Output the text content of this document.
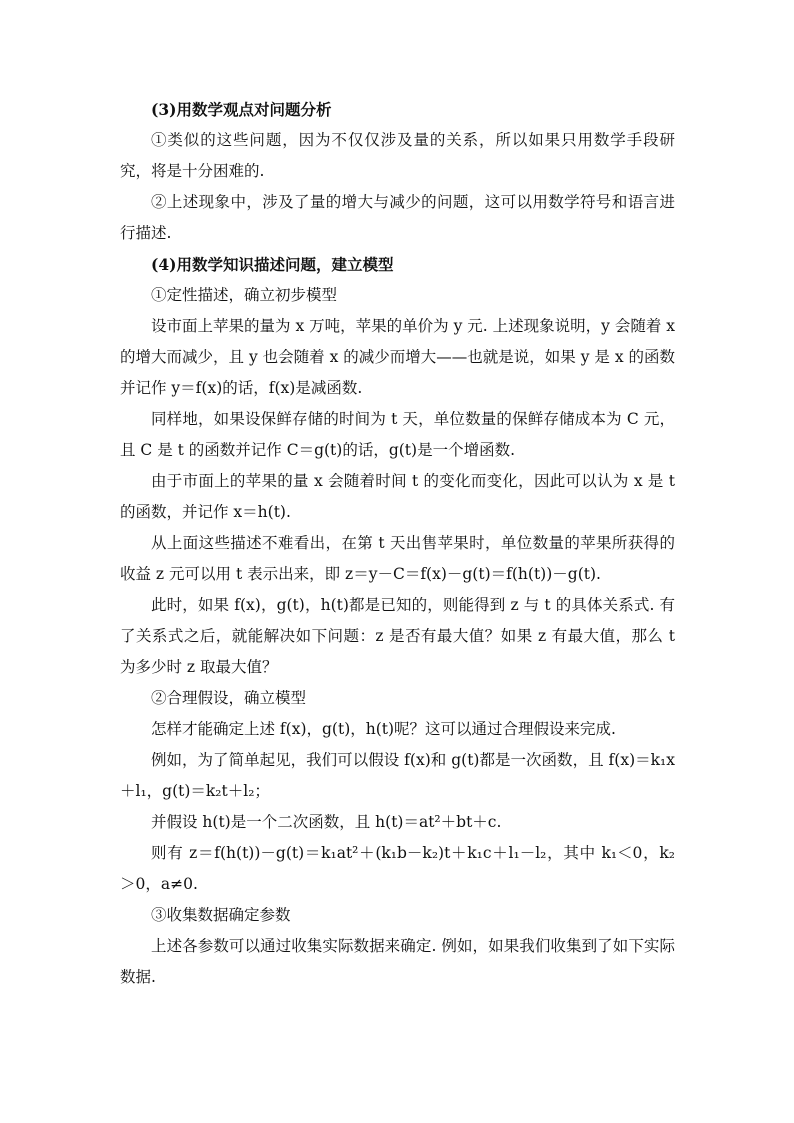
(3)用数学观点对问题分析

①类似的这些问题，因为不仅仅涉及量的关系，所以如果只用数学手段研究，将是十分困难的.

②上述现象中，涉及了量的增大与减少的问题，这可以用数学符号和语言进行描述.

(4)用数学知识描述问题，建立模型

①定性描述，确立初步模型

设市面上苹果的量为 x 万吨，苹果的单价为 y 元. 上述现象说明，y 会随着 x 的增大而减少，且 y 也会随着 x 的减少而增大——也就是说，如果 y 是 x 的函数并记作 y＝f(x)的话，f(x)是减函数.

同样地，如果设保鲜存储的时间为 t 天，单位数量的保鲜存储成本为 C 元，且 C 是 t 的函数并记作 C＝g(t)的话，g(t)是一个增函数.

由于市面上的苹果的量 x 会随着时间 t 的变化而变化，因此可以认为 x 是 t 的函数，并记作 x＝h(t).

从上面这些描述不难看出，在第 t 天出售苹果时，单位数量的苹果所获得的收益 z 元可以用 t 表示出来，即 z＝y－C＝f(x)－g(t)＝f(h(t))－g(t).

此时，如果 f(x)，g(t)，h(t)都是已知的，则能得到 z 与 t 的具体关系式. 有了关系式之后，就能解决如下问题：z 是否有最大值？如果 z 有最大值，那么 t 为多少时 z 取最大值？

②合理假设，确立模型

怎样才能确定上述 f(x)，g(t)，h(t)呢？这可以通过合理假设来完成.

例如，为了简单起见，我们可以假设 f(x)和 g(t)都是一次函数，且 f(x)＝k₁x＋l₁，g(t)＝k₂t＋l₂；

并假设 h(t)是一个二次函数，且 h(t)＝at²＋bt＋c.

则有 z＝f(h(t))－g(t)＝k₁at²＋(k₁b－k₂)t＋k₁c＋l₁－l₂，其中 k₁＜0，k₂＞0，a≠0.

③收集数据确定参数

上述各参数可以通过收集实际数据来确定. 例如，如果我们收集到了如下实际数据.
